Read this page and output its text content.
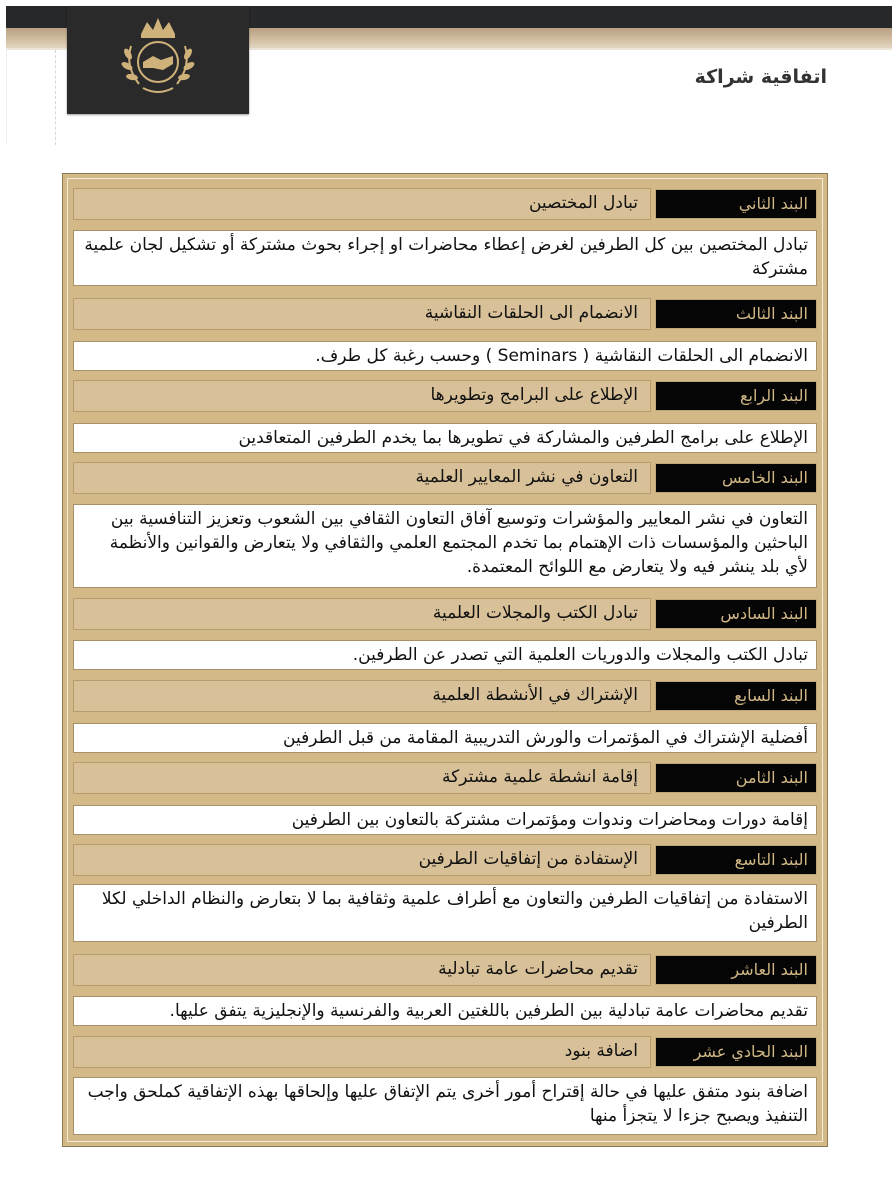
اتفاقية شراكة
تبادل المختصين	البند الثاني
تبادل المختصين بين كل الطرفين لغرض إعطاء محاضرات او إجراء بحوث مشتركة أو تشكيل لجان علمية مشتركة
الانضمام الى الحلقات النقاشية	البند الثالث
الانضمام الى الحلقات النقاشية ( Seminars ) وحسب رغبة كل طرف.
الإطلاع على البرامج وتطويرها	البند الرابع
الإطلاع على برامج الطرفين والمشاركة في تطويرها بما يخدم الطرفين المتعاقدين
التعاون في نشر المعايير العلمية	البند الخامس
التعاون في نشر المعايير والمؤشرات وتوسيع آفاق التعاون الثقافي بين الشعوب وتعزيز التنافسية بين الباحثين والمؤسسات ذات الإهتمام بما تخدم المجتمع العلمي والثقافي ولا يتعارض والقوانين والأنظمة لأي بلد ينشر فيه ولا يتعارض مع اللوائح المعتمدة.
تبادل الكتب والمجلات العلمية	البند السادس
تبادل الكتب والمجلات والدوريات العلمية التي تصدر عن الطرفين.
الإشتراك في الأنشطة العلمية	البند السابع
أفضلية الإشتراك في المؤتمرات والورش التدريبية المقامة من قبل الطرفين
إقامة انشطة علمية مشتركة	البند الثامن
إقامة دورات ومحاضرات وندوات ومؤتمرات مشتركة بالتعاون بين الطرفين
الإستفادة من إتفاقيات الطرفين	البند التاسع
الاستفادة من إتفاقيات الطرفين والتعاون مع أطراف علمية وثقافية بما لا بتعارض والنظام الداخلي لكلا الطرفين
تقديم محاضرات عامة تبادلية	البند العاشر
تقديم محاضرات عامة تبادلية بين الطرفين باللغتين العربية والفرنسية والإنجليزية يتفق عليها.
اضافة بنود	البند الحادي عشر
اضافة بنود متفق عليها في حالة إقتراح أمور أخرى يتم الإتفاق عليها وإلحاقها بهذه الإتفاقية كملحق واجب التنفيذ ويصبح جزءا لا يتجزأ منها
